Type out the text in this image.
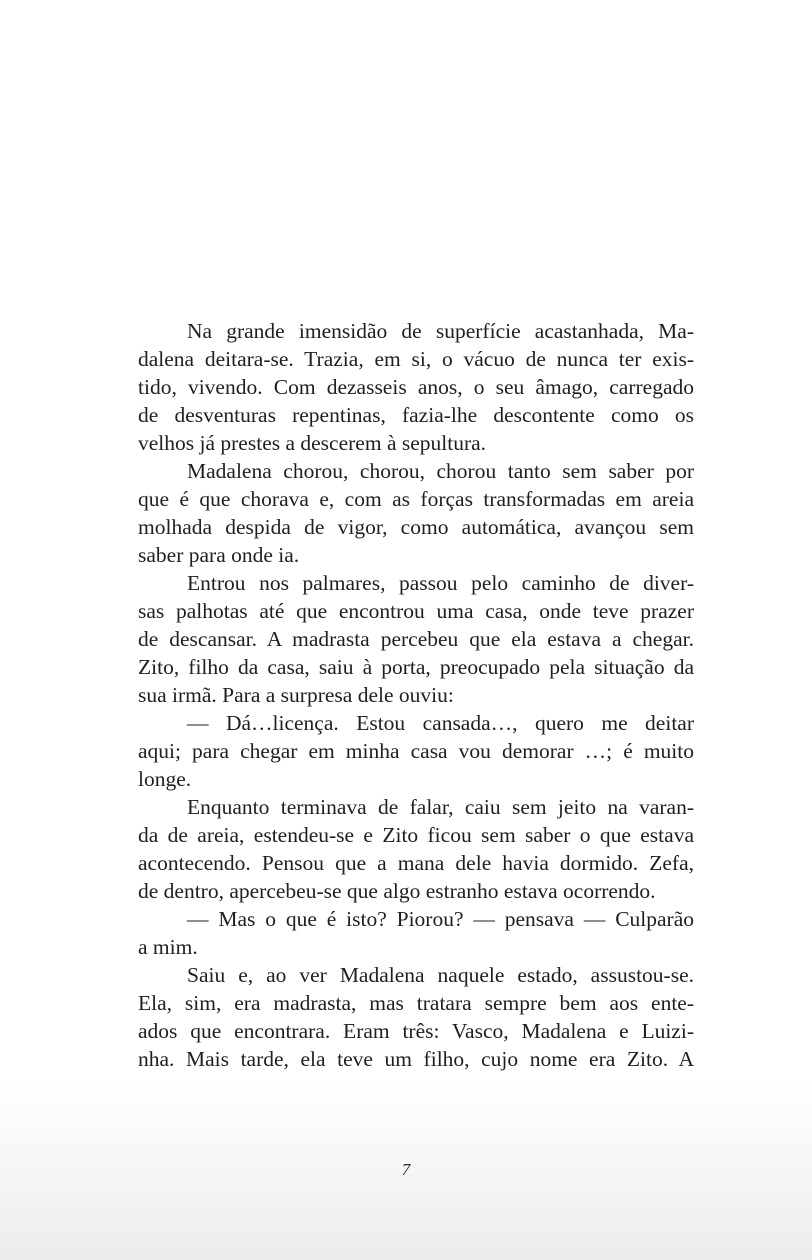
Na grande imensidão de superfície acastanhada, Ma-
dalena deitara-se. Trazia, em si, o vácuo de nunca ter exis-
tido, vivendo. Com dezasseis anos, o seu âmago, carregado
de desventuras repentinas, fazia-lhe descontente como os
velhos já prestes a descerem à sepultura.
Madalena chorou, chorou, chorou tanto sem saber por
que é que chorava e, com as forças transformadas em areia
molhada despida de vigor, como automática, avançou sem
saber para onde ia.
Entrou nos palmares, passou pelo caminho de diver-
sas palhotas até que encontrou uma casa, onde teve prazer
de descansar. A madrasta percebeu que ela estava a chegar.
Zito, filho da casa, saiu à porta, preocupado pela situação da
sua irmã. Para a surpresa dele ouviu:
— Dá…licença. Estou cansada…, quero me deitar
aqui; para chegar em minha casa vou demorar …; é muito
longe.
Enquanto terminava de falar, caiu sem jeito na varan-
da de areia, estendeu-se e Zito ficou sem saber o que estava
acontecendo. Pensou que a mana dele havia dormido. Zefa,
de dentro, apercebeu-se que algo estranho estava ocorrendo.
— Mas o que é isto? Piorou? — pensava — Culparão
a mim.
Saiu e, ao ver Madalena naquele estado, assustou-se.
Ela, sim, era madrasta, mas tratara sempre bem aos ente-
ados que encontrara. Eram três: Vasco, Madalena e Luizi-
nha. Mais tarde, ela teve um filho, cujo nome era Zito. A
7
